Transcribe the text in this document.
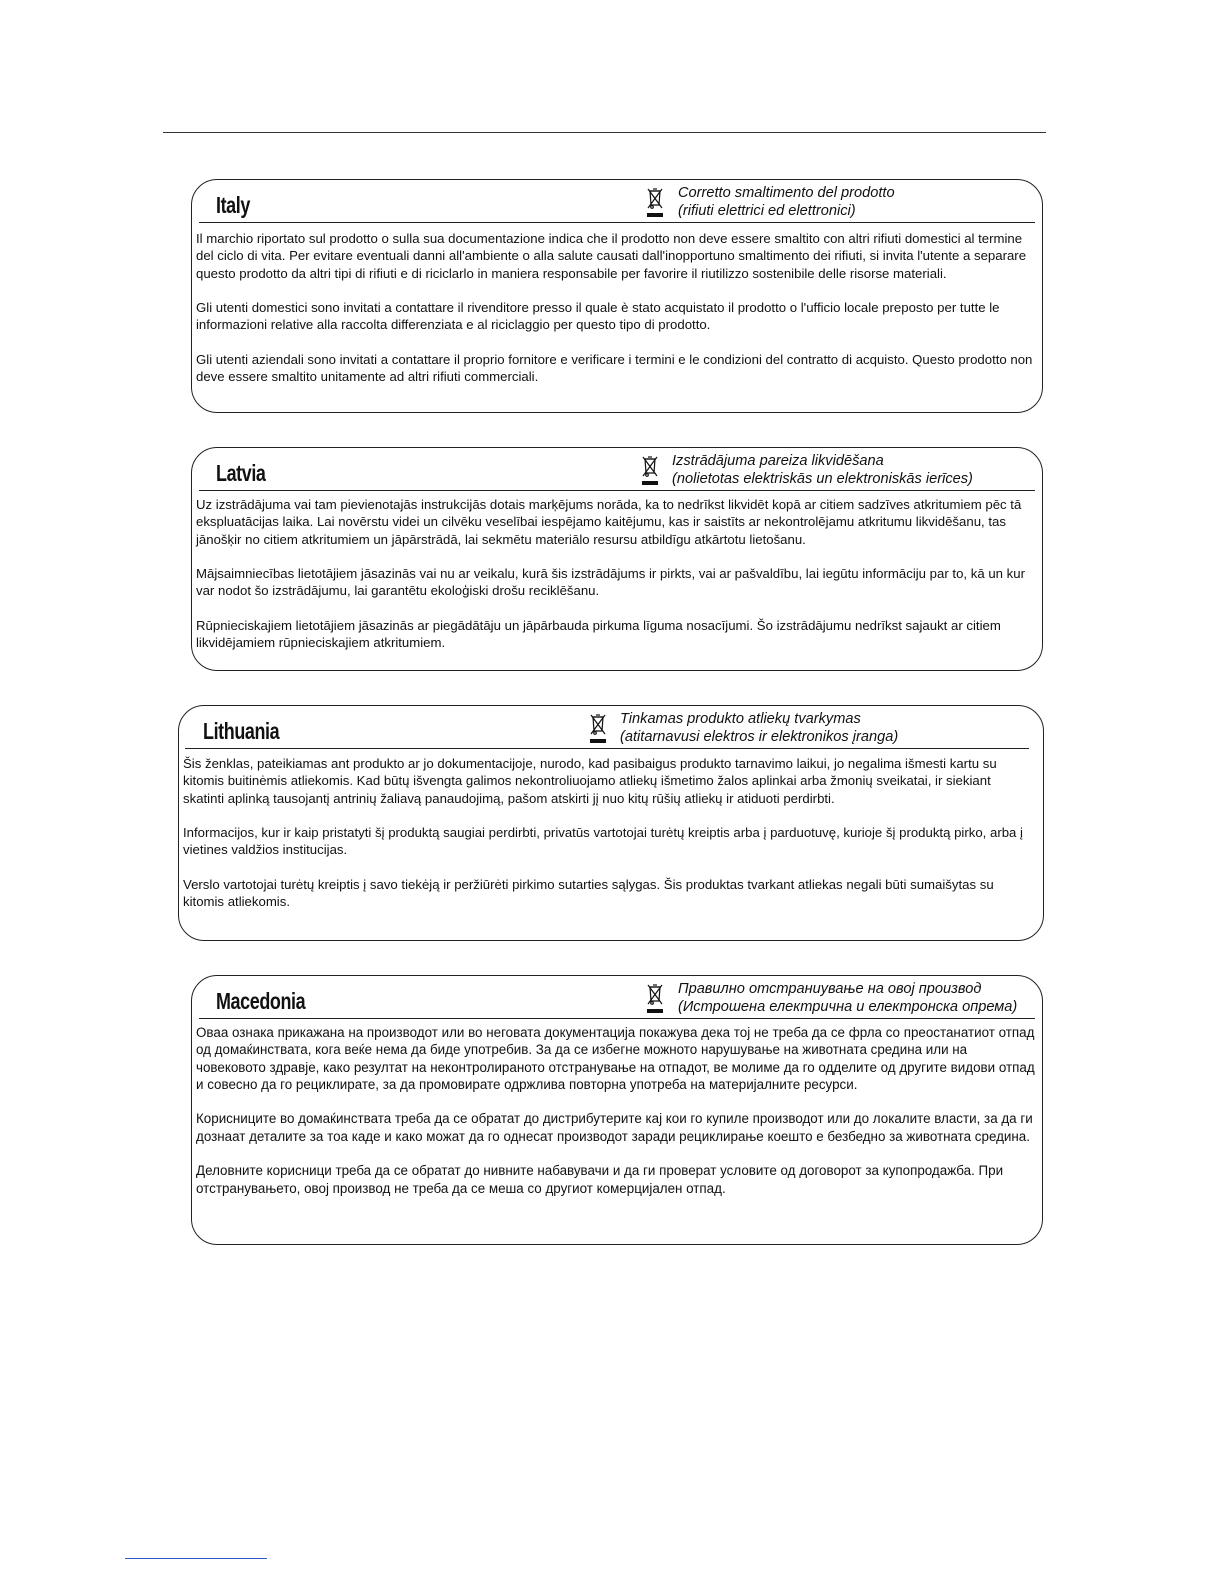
Italy	Corretto smaltimento del prodotto
(rifiuti elettrici ed elettronici)

Il marchio riportato sul prodotto o sulla sua documentazione indica che il prodotto non deve essere smaltito con altri rifiuti domestici al termine del ciclo di vita. Per evitare eventuali danni all'ambiente o alla salute causati dall'inopportuno smaltimento dei rifiuti, si invita l'utente a separare questo prodotto da altri tipi di rifiuti e di riciclarlo in maniera responsabile per favorire il riutilizzo sostenibile delle risorse materiali.

Gli utenti domestici sono invitati a contattare il rivenditore presso il quale è stato acquistato il prodotto o l'ufficio locale preposto per tutte le informazioni relative alla raccolta differenziata e al riciclaggio per questo tipo di prodotto.

Gli utenti aziendali sono invitati a contattare il proprio fornitore e verificare i termini e le condizioni del contratto di acquisto. Questo prodotto non deve essere smaltito unitamente ad altri rifiuti commerciali.

Latvia	Izstrādājuma pareiza likvidēšana
(nolietotas elektriskās un elektroniskās ierīces)

Uz izstrādājuma vai tam pievienotajās instrukcijās dotais marķējums norāda, ka to nedrīkst likvidēt kopā ar citiem sadzīves atkritumiem pēc tā ekspluatācijas laika. Lai novērstu videi un cilvēku veselībai iespējamo kaitējumu, kas ir saistīts ar nekontrolējamu atkritumu likvidēšanu, tas jānošķir no citiem atkritumiem un jāpārstrādā, lai sekmētu materiālo resursu atbildīgu atkārtotu lietošanu.

Mājsaimniecības lietotājiem jāsazinās vai nu ar veikalu, kurā šis izstrādājums ir pirkts, vai ar pašvaldību, lai iegūtu informāciju par to, kā un kur var nodot šo izstrādājumu, lai garantētu ekoloģiski drošu reciklēšanu.

Rūpnieciskajiem lietotājiem jāsazinās ar piegādātāju un jāpārbauda pirkuma līguma nosacījumi. Šo izstrādājumu nedrīkst sajaukt ar citiem likvidējamiem rūpnieciskajiem atkritumiem.

Lithuania	Tinkamas produkto atliekų tvarkymas
(atitarnavusi elektros ir elektronikos įranga)

Šis ženklas, pateikiamas ant produkto ar jo dokumentacijoje, nurodo, kad pasibaigus produkto tarnavimo laikui, jo negalima išmesti kartu su kitomis buitinėmis atliekomis. Kad būtų išvengta galimos nekontroliuojamo atliekų išmetimo žalos aplinkai arba žmonių sveikatai, ir siekiant skatinti aplinką tausojantį antrinių žaliavą panaudojimą, pašom atskirti jį nuo kitų rūšių atliekų ir atiduoti perdirbti.

Informacijos, kur ir kaip pristatyti šį produktą saugiai perdirbti, privatūs vartotojai turėtų kreiptis arba į parduotuvę, kurioje šį produktą pirko, arba į vietines valdžios institucijas.

Verslo vartotojai turėtų kreiptis į savo tiekėją ir peržiūrėti pirkimo sutarties sąlygas. Šis produktas tvarkant atliekas negali būti sumaišytas su kitomis atliekomis.

Macedonia	Правилно отстраниување на овој производ
(Истрошена електрична и електронска опрема)

Оваа ознака прикажана на производот или во неговата документација покажува дека тој не треба да се фрла со преостанатиот отпад од домаќинствата, кога веќе нема да биде употребив. За да се избегне можното нарушување на животната средина или на човековото здравје, како резултат на неконтролираното отстранување на отпадот, ве молиме да го одделите од другите видови отпад и совесно да го рециклирате, за да промовирате одржлива повторна употреба на материјалните ресурси.

Корисниците во домаќинствата треба да се обратат до дистрибутерите кај кои го купиле производот или до локалите власти, за да ги дознаат деталите за тоа каде и како можат да го однесат производот заради рециклирање коешто е безбедно за животната средина.

Деловните корисници треба да се обратат до нивните набавувачи и да ги проверат условите од договорот за купопродажба. При отстранувањето, овој производ не треба да се меша со другиот комерцијален отпад.
